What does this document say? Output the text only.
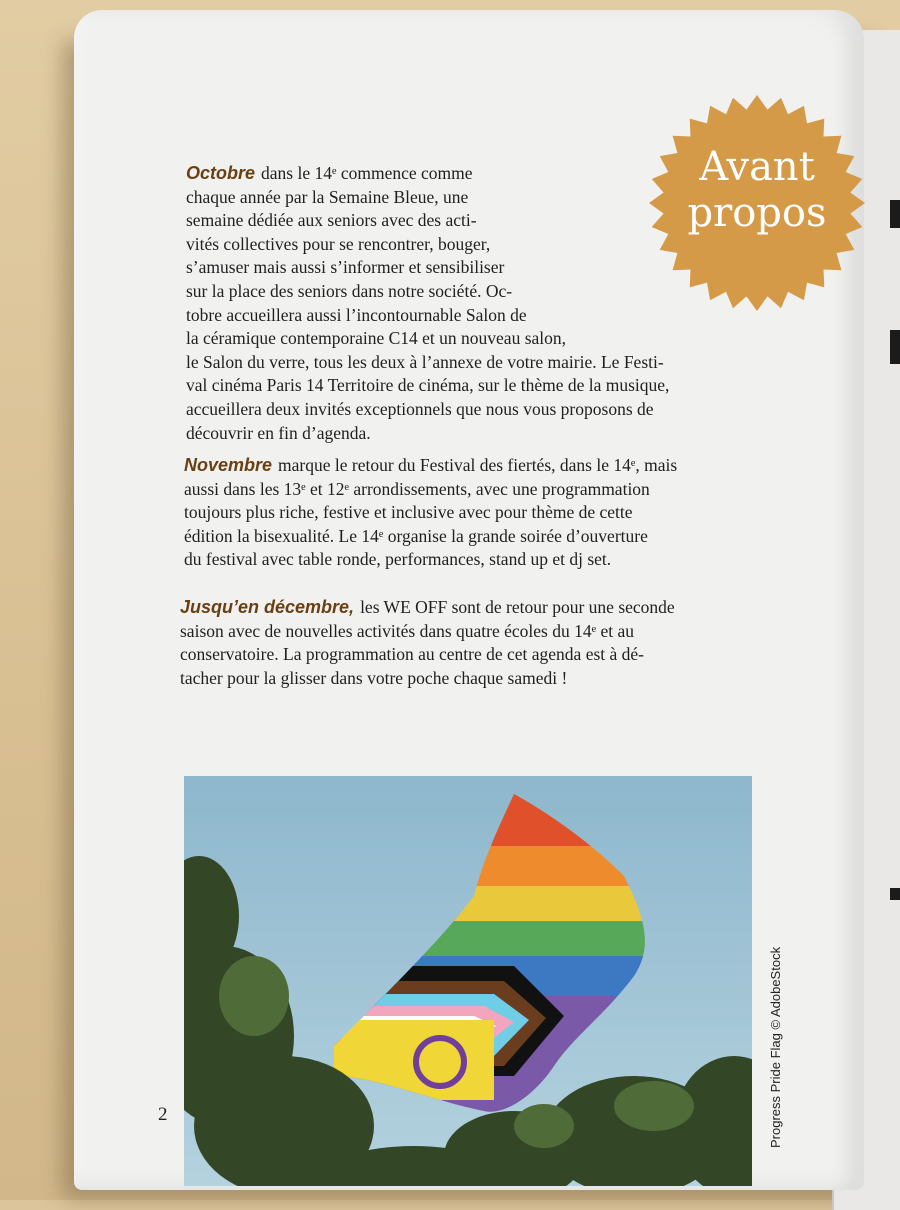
Avant
propos
Octobre dans le 14ᵉ commence comme
chaque année par la Semaine Bleue, une
semaine dédiée aux seniors avec des acti-
vités collectives pour se rencontrer, bouger,
s’amuser mais aussi s’informer et sensibiliser
sur la place des seniors dans notre société. Oc-
tobre accueillera aussi l’incontournable Salon de
la céramique contemporaine C14 et un nouveau salon,
le Salon du verre, tous les deux à l’annexe de votre mairie. Le Festi-
val cinéma Paris 14 Territoire de cinéma, sur le thème de la musique,
accueillera deux invités exceptionnels que nous vous proposons de
découvrir en fin d’agenda.
Novembre marque le retour du Festival des fiertés, dans le 14ᵉ, mais
aussi dans les 13ᵉ et 12ᵉ arrondissements, avec une programmation
toujours plus riche, festive et inclusive avec pour thème de cette
édition la bisexualité. Le 14ᵉ organise la grande soirée d’ouverture
du festival avec table ronde, performances, stand up et dj set.
Jusqu’en décembre, les WE OFF sont de retour pour une seconde
saison avec de nouvelles activités dans quatre écoles du 14ᵉ et au
conservatoire. La programmation au centre de cet agenda est à dé-
tacher pour la glisser dans votre poche chaque samedi !
2	Progress Pride Flag © AdobeStock
